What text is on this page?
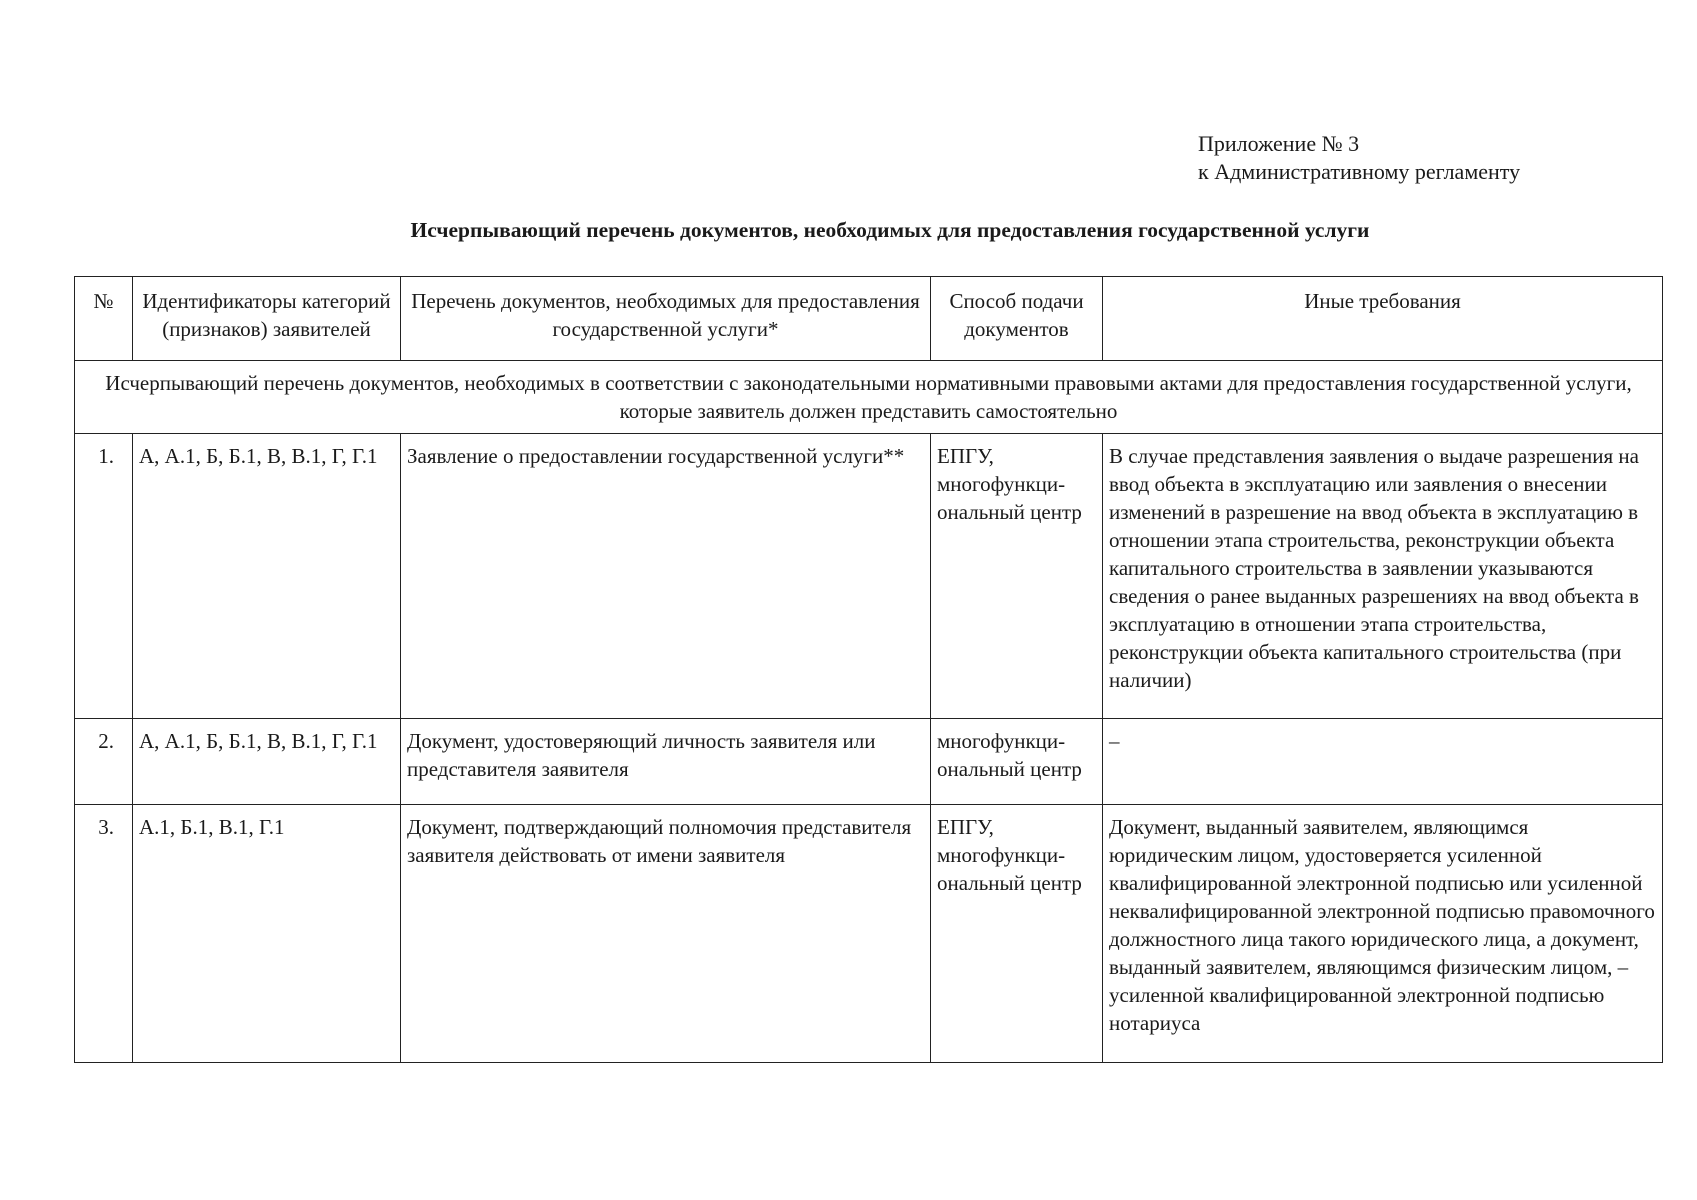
Приложение № 3
к Административному регламенту
Исчерпывающий перечень документов, необходимых для предоставления государственной услуги
№	Идентификаторы категорий (признаков) заявителей	Перечень документов, необходимых для предоставления государственной услуги*	Способ подачи документов	Иные требования
Исчерпывающий перечень документов, необходимых в соответствии с законодательными нормативными правовыми актами для предоставления государственной услуги, которые заявитель должен представить самостоятельно				
1.	А, А.1, Б, Б.1, В, В.1, Г, Г.1	Заявление о предоставлении государственной услуги**	ЕПГУ, многофункци-ональный центр	В случае представления заявления о выдаче разрешения на ввод объекта в эксплуатацию или заявления о внесении изменений в разрешение на ввод объекта в эксплуатацию в отношении этапа строительства, реконструкции объекта капитального строительства в заявлении указываются сведения о ранее выданных разрешениях на ввод объекта в эксплуатацию в отношении этапа строительства, реконструкции объекта капитального строительства (при наличии)
2.	А, А.1, Б, Б.1, В, В.1, Г, Г.1	Документ, удостоверяющий личность заявителя или представителя заявителя	многофункци-ональный центр	–
3.	А.1, Б.1, В.1, Г.1	Документ, подтверждающий полномочия представителя заявителя действовать от имени заявителя	ЕПГУ, многофункци-ональный центр	Документ, выданный заявителем, являющимся юридическим лицом, удостоверяется усиленной квалифицированной электронной подписью или усиленной неквалифицированной электронной подписью правомочного должностного лица такого юридического лица, а документ, выданный заявителем, являющимся физическим лицом, – усиленной квалифицированной электронной подписью нотариуса
